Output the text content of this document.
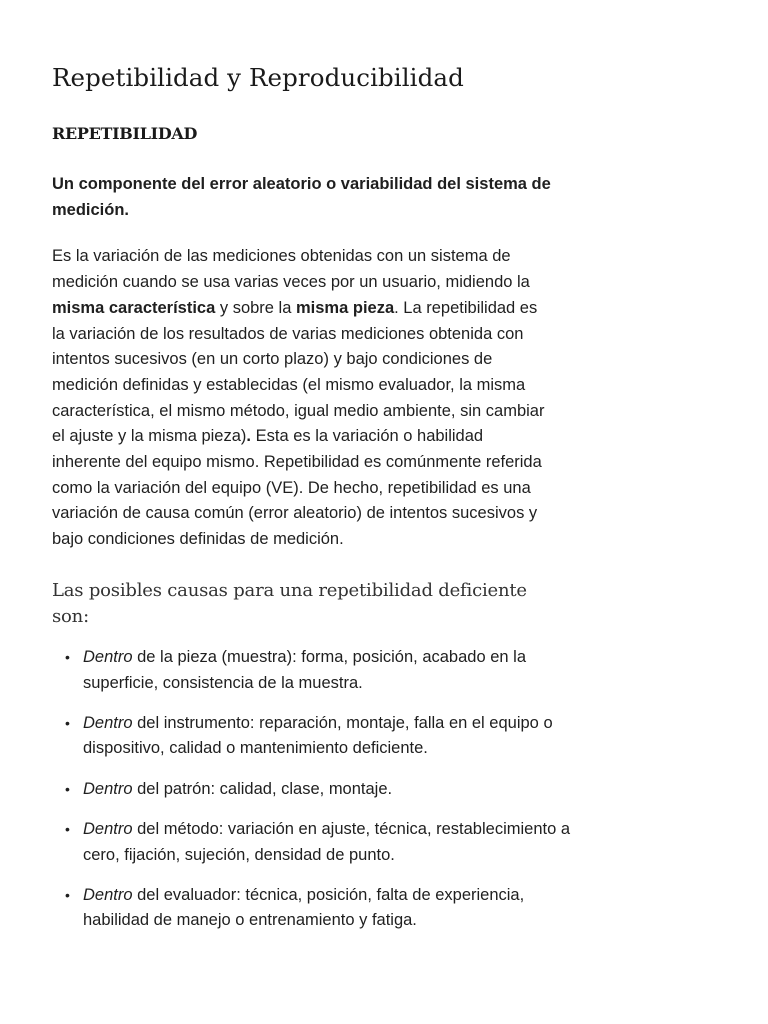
Repetibilidad y Reproducibilidad
REPETIBILIDAD

Un componente del error aleatorio o variabilidad del sistema de medición.

Es la variación de las mediciones obtenidas con un sistema de medición cuando se usa varias veces por un usuario, midiendo la misma característica y sobre la misma pieza. La repetibilidad es la variación de los resultados de varias mediciones obtenida con intentos sucesivos (en un corto plazo) y bajo condiciones de medición definidas y establecidas (el mismo evaluador, la misma característica, el mismo método, igual medio ambiente, sin cambiar el ajuste y la misma pieza). Esta es la variación o habilidad inherente del equipo mismo. Repetibilidad es comúnmente referida como la variación del equipo (VE). De hecho, repetibilidad es una variación de causa común (error aleatorio) de intentos sucesivos y bajo condiciones definidas de medición.

Las posibles causas para una repetibilidad deficiente son:
• Dentro de la pieza (muestra): forma, posición, acabado en la superficie, consistencia de la muestra.
• Dentro del instrumento: reparación, montaje, falla en el equipo o dispositivo, calidad o mantenimiento deficiente.
• Dentro del patrón: calidad, clase, montaje.
• Dentro del método: variación en ajuste, técnica, restablecimiento a cero, fijación, sujeción, densidad de punto.
• Dentro del evaluador: técnica, posición, falta de experiencia, habilidad de manejo o entrenamiento y fatiga.
